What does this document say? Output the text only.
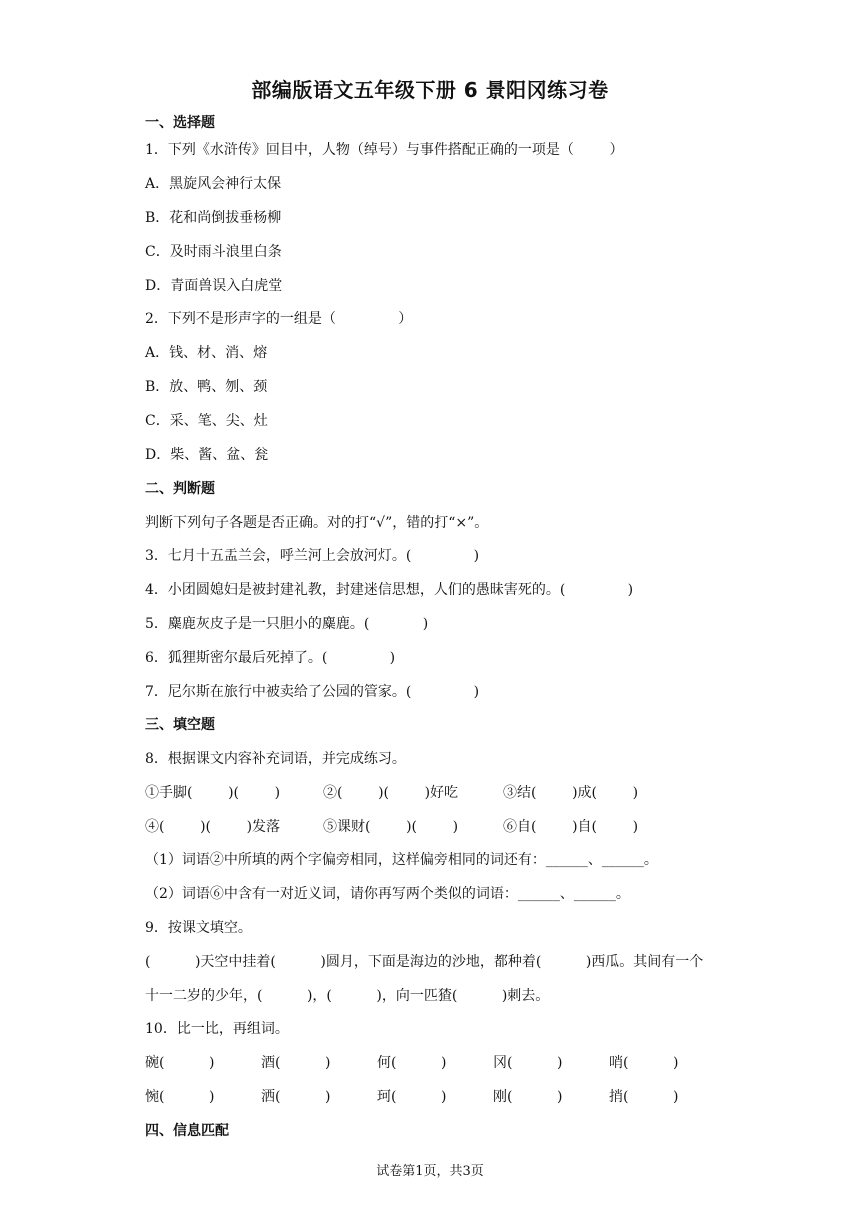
部编版语文五年级下册 6 景阳冈练习卷
一、选择题
1．下列《水浒传》回目中，人物（绰号）与事件搭配正确的一项是（        ）
A．黑旋风会神行太保
B．花和尚倒拔垂杨柳
C．及时雨斗浪里白条
D．青面兽误入白虎堂
2．下列不是形声字的一组是（              ）
A．钱、材、消、熔
B．放、鸭、刎、颈
C．采、笔、尖、灶
D．柴、酱、盆、瓮
二、判断题
判断下列句子各题是否正确。对的打“√”，错的打“×”。
3．七月十五盂兰会，呼兰河上会放河灯。(              )
4．小团圆媳妇是被封建礼教，封建迷信思想，人们的愚昧害死的。(              )
5．麋鹿灰皮子是一只胆小的麋鹿。(            )
6．狐狸斯密尔最后死掉了。(              )
7．尼尔斯在旅行中被卖给了公园的管家。(              )
三、填空题
8．根据课文内容补充词语，并完成练习。
①手脚(        )(        )	②(        )(        )好吃	③结(        )成(        )
④(        )(        )发落	⑤课财(        )(        )	⑥自(        )自(        )
（1）词语②中所填的两个字偏旁相同，这样偏旁相同的词还有：______、______。
（2）词语⑥中含有一对近义词，请你再写两个类似的词语：______、______。
9．按课文填空。
(          )天空中挂着(          )圆月，下面是海边的沙地，都种着(          )西瓜。其间有一个
十一二岁的少年，(          )，(          )，向一匹猹(          )刺去。
10．比一比，再组词。
碗(          )	酒(          )	何(          )	冈(          )	哨(          )
惋(          )	洒(          )	珂(          )	刚(          )	捎(          )
四、信息匹配
试卷第1页，共3页
